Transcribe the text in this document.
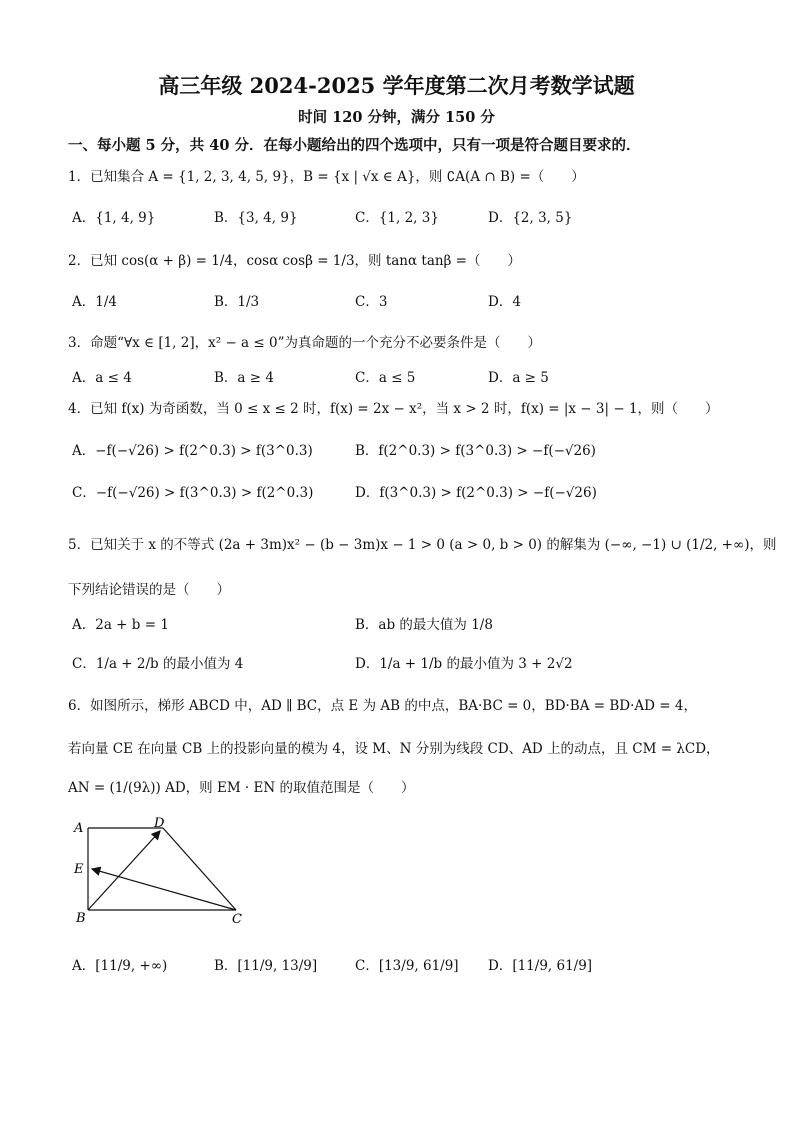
高三年级 2024-2025 学年度第二次月考数学试题
时间 120 分钟，满分 150 分
一、每小题 5 分，共 40 分．在每小题给出的四个选项中，只有一项是符合题目要求的．
1．已知集合 A = {1, 2, 3, 4, 5, 9}，B = {x | √x ∈ A}，则 ∁A(A ∩ B) =（　　）
A．{1, 4, 9}	B．{3, 4, 9}	C．{1, 2, 3}	D．{2, 3, 5}
2．已知 cos(α + β) = 1/4，cosα cosβ = 1/3，则 tanα tanβ =（　　）
A．1/4	B．1/3	C．3	D．4
3．命题“∀x ∈ [1, 2]，x² − a ≤ 0”为真命题的一个充分不必要条件是（　　）
A．a ≤ 4	B．a ≥ 4	C．a ≤ 5	D．a ≥ 5
4．已知 f(x) 为奇函数，当 0 ≤ x ≤ 2 时，f(x) = 2x − x²，当 x > 2 时，f(x) = |x − 3| − 1，则（　　）
A．−f(−√26) > f(2^0.3) > f(3^0.3)	B．f(2^0.3) > f(3^0.3) > −f(−√26)
C．−f(−√26) > f(3^0.3) > f(2^0.3)	D．f(3^0.3) > f(2^0.3) > −f(−√26)
5．已知关于 x 的不等式 (2a + 3m)x² − (b − 3m)x − 1 > 0 (a > 0, b > 0) 的解集为 (−∞, −1) ∪ (1/2, +∞)，则
下列结论错误的是（　　）
A．2a + b = 1	B．ab 的最大值为 1/8
C．1/a + 2/b 的最小值为 4	D．1/a + 1/b 的最小值为 3 + 2√2
6．如图所示，梯形 ABCD 中，AD ∥ BC，点 E 为 AB 的中点，BA·BC = 0，BD·BA = BD·AD = 4，
若向量 CE 在向量 CB 上的投影向量的模为 4，设 M、N 分别为线段 CD、AD 上的动点，且 CM = λCD，
AN = (1/(9λ)) AD，则 EM · EN 的取值范围是（　　）
A	D
E
B	C
A．[11/9, +∞)	B．[11/9, 13/9]	C．[13/9, 61/9] D．[11/9, 61/9]
